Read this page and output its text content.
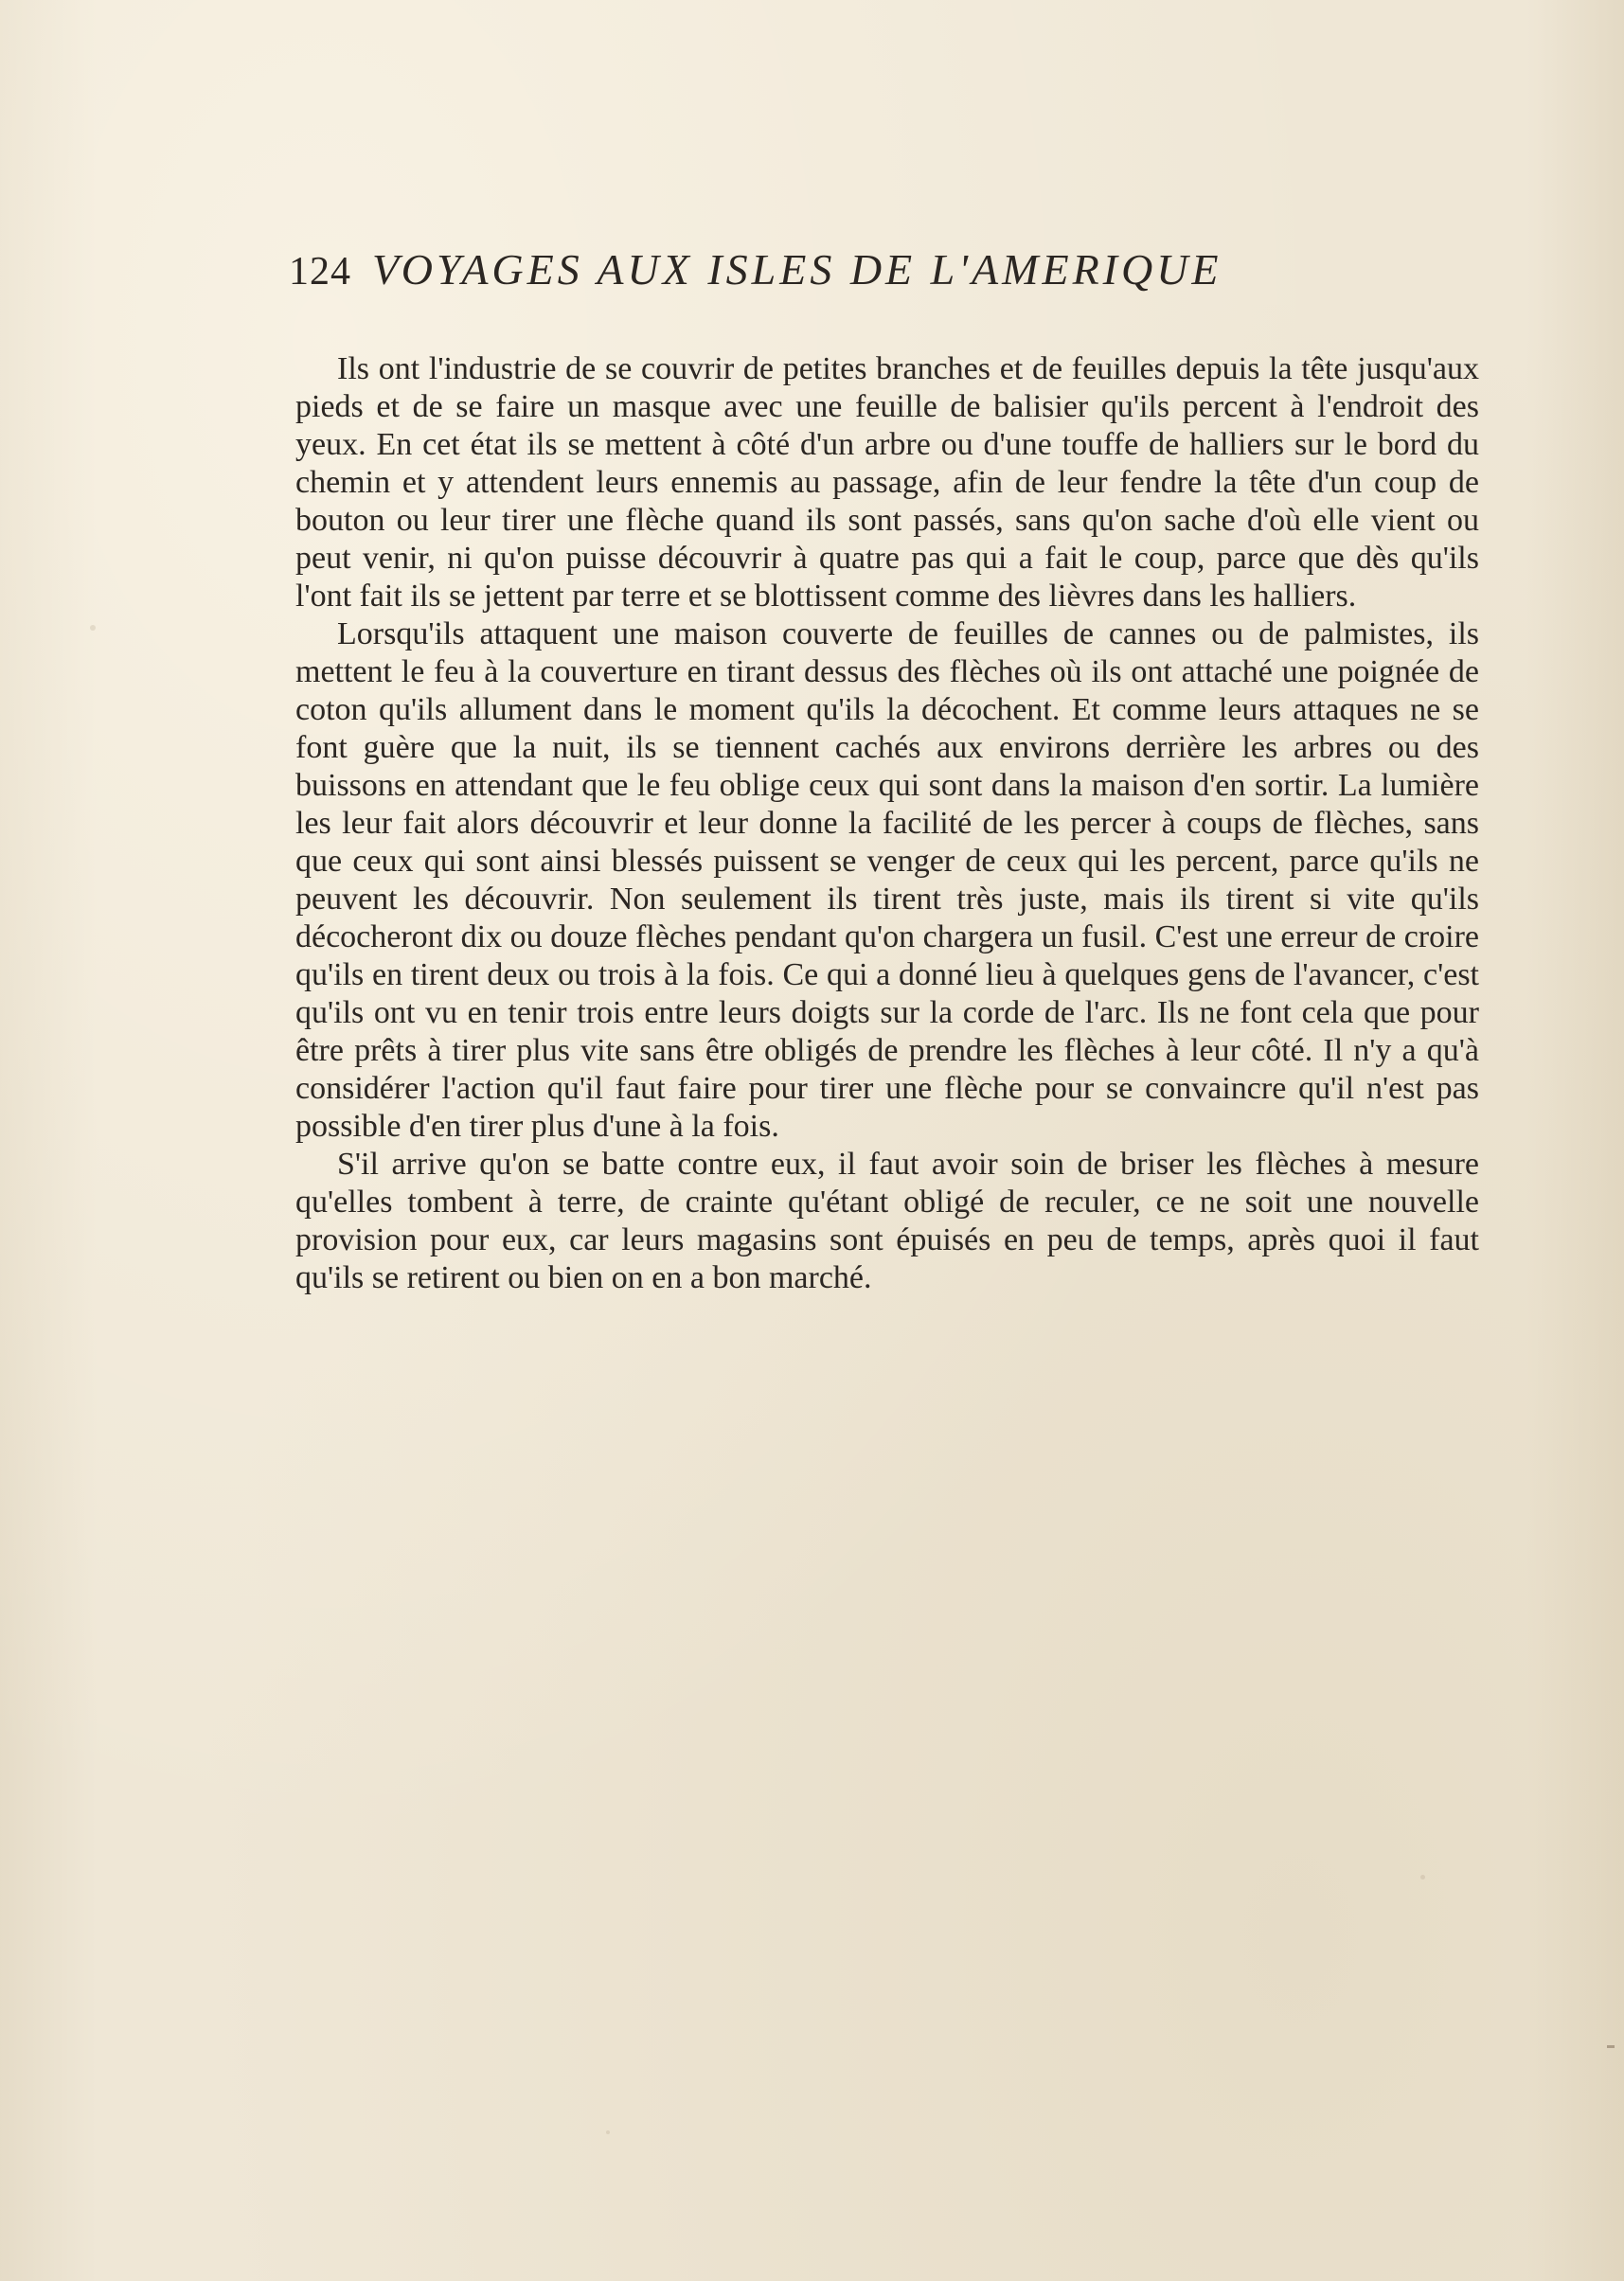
124 VOYAGES AUX ISLES DE L'AMERIQUE

Ils ont l'industrie de se couvrir de petites branches et de feuilles depuis la tête jusqu'aux pieds et de se faire un masque avec une feuille de balisier qu'ils percent à l'endroit des yeux. En cet état ils se mettent à côté d'un arbre ou d'une touffe de halliers sur le bord du chemin et y attendent leurs ennemis au passage, afin de leur fendre la tête d'un coup de bouton ou leur tirer une flèche quand ils sont passés, sans qu'on sache d'où elle vient ou peut venir, ni qu'on puisse découvrir à quatre pas qui a fait le coup, parce que dès qu'ils l'ont fait ils se jettent par terre et se blottissent comme des lièvres dans les halliers.

Lorsqu'ils attaquent une maison couverte de feuilles de cannes ou de palmistes, ils mettent le feu à la couverture en tirant dessus des flèches où ils ont attaché une poignée de coton qu'ils allument dans le moment qu'ils la décochent. Et comme leurs attaques ne se font guère que la nuit, ils se tiennent cachés aux environs derrière les arbres ou des buissons en attendant que le feu oblige ceux qui sont dans la maison d'en sortir. La lumière les leur fait alors découvrir et leur donne la facilité de les percer à coups de flèches, sans que ceux qui sont ainsi blessés puissent se venger de ceux qui les percent, parce qu'ils ne peuvent les découvrir. Non seulement ils tirent très juste, mais ils tirent si vite qu'ils décocheront dix ou douze flèches pendant qu'on chargera un fusil. C'est une erreur de croire qu'ils en tirent deux ou trois à la fois. Ce qui a donné lieu à quelques gens de l'avancer, c'est qu'ils ont vu en tenir trois entre leurs doigts sur la corde de l'arc. Ils ne font cela que pour être prêts à tirer plus vite sans être obligés de prendre les flèches à leur côté. Il n'y a qu'à considérer l'action qu'il faut faire pour tirer une flèche pour se convaincre qu'il n'est pas possible d'en tirer plus d'une à la fois.

S'il arrive qu'on se batte contre eux, il faut avoir soin de briser les flèches à mesure qu'elles tombent à terre, de crainte qu'étant obligé de reculer, ce ne soit une nouvelle provision pour eux, car leurs magasins sont épuisés en peu de temps, après quoi il faut qu'ils se retirent ou bien on en a bon marché.
